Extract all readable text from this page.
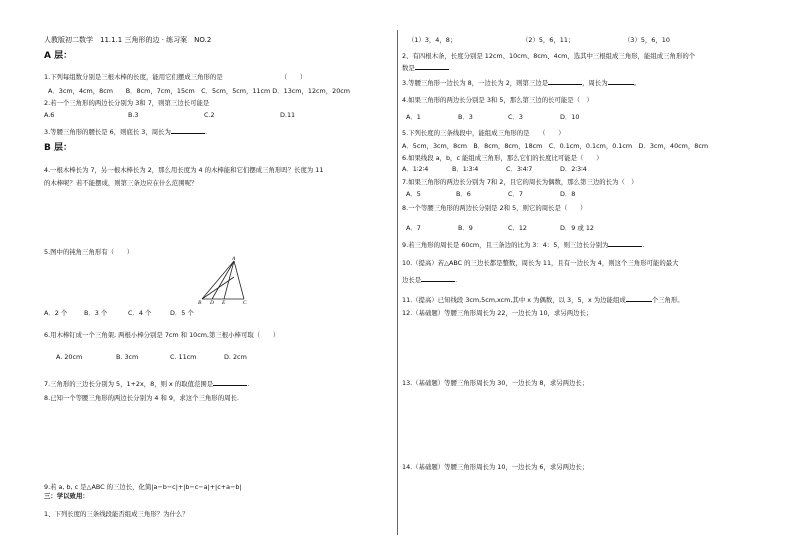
人教版初二数学　11.1.1 三角形的边 · 练习案　NO.2
A 层：
1.下列每组数分别是三根木棒的长度，能用它们摆成三角形的是	（　　）
A．3cm，4cm，8cm　　B．8cm，7cm，15cm　C．5cm，5cm，11cm D．13cm，12cm，20cm
2.若一个三角形的两边长分别为 3和 7，则第三边长可能是
A.6	B.3	C.2	D.11
3.等腰三角形的腰长是 6，则底长 3，周长为	.
B 层：
4.一根木棒长为 7，另一根木棒长为 2，那么用长度为 4 的木棒能和它们摆成三角形吗？长度为 11
的木棒呢？若不能摆成，则第三条边应在什么范围呢？
5.图中的钝角三角形有（　　）
A
B D E	C
A．2 个	B．3 个	C．4 个	D．5 个
6.用木棒钉成一个三角架, 两根小棒分别是 7cm 和 10cm,第三根小棒可取（　　）
A. 20cm	B. 3cm	C. 11cm	D. 2cm
7.三角形的三边长分别为 5，1+2x，8，则 x 的取值范围是	.
8.已知一个等腰三角形的两边长分别为 4 和 9，求这个三角形的周长.
9.若 a, b, c 是△ABC 的三边长，化简|a−b−c|+|b−c−a|+|c+a−b|
三：学以致用：
1、下列长度的三条线段能否组成三角形？为什么？
（1）3，4，8；	（2）5，6，11；	（3）5，6，10
2、有四根木条，长度分别是 12cm、10cm、8cm、4cm，选其中三根组成三角形，能组成三角形的个
数是
3.等腰三角形一边长为 8，一边长为 2，则第三边是	，周长为	。
4.如果三角形的两边长分别是 3和 5，那么第三边的长可能是（　）
A．1	B．3	C．3	D．10
5.下列长度的三条线段中，能组成三角形的是　　（　　）
A．5cm，3cm，8cm　B．8cm，8cm，18cm　C．0.1cm，0.1cm，0.1cm　D．3cm，40cm，8cm
6.如果线段 a，b，c 能组成三角形，那么它们的长度比可能是（　　）
A．1∶2∶4	B．1∶3∶4	C．3∶4∶7	D．2∶3∶4
7.如果三角形的两边长分别为 7和 2，且它的周长为偶数，那么第三边的长为（　）
A．5	B．6	C．7	D．8
8.一个等腰三角形的两边长分别是 2和 5，则它的周长是（　　）
A．7	B．9	C．12	D．9 或 12
9.若三角形的周长是 60cm，且三条边的比为 3：4：5，则三边长分别为	.
10.（提高）若△ABC 的三边长都是整数，周长为 11，且有一边长为 4，则这个三角形可能的最大
边长是	.
11.（提高）已知线段 3cm,5cm,xcm,其中 x 为偶数，以 3，5，x 为边能组成	个三角形。
12.（基础题）等腰三角形周长为 22，一边长为 10，求另两边长；
13.（基础题）等腰三角形周长为 30，一边长为 8，求另两边长；
14.（基础题）等腰三角形周长为 10，一边长为 6，求另两边长；
